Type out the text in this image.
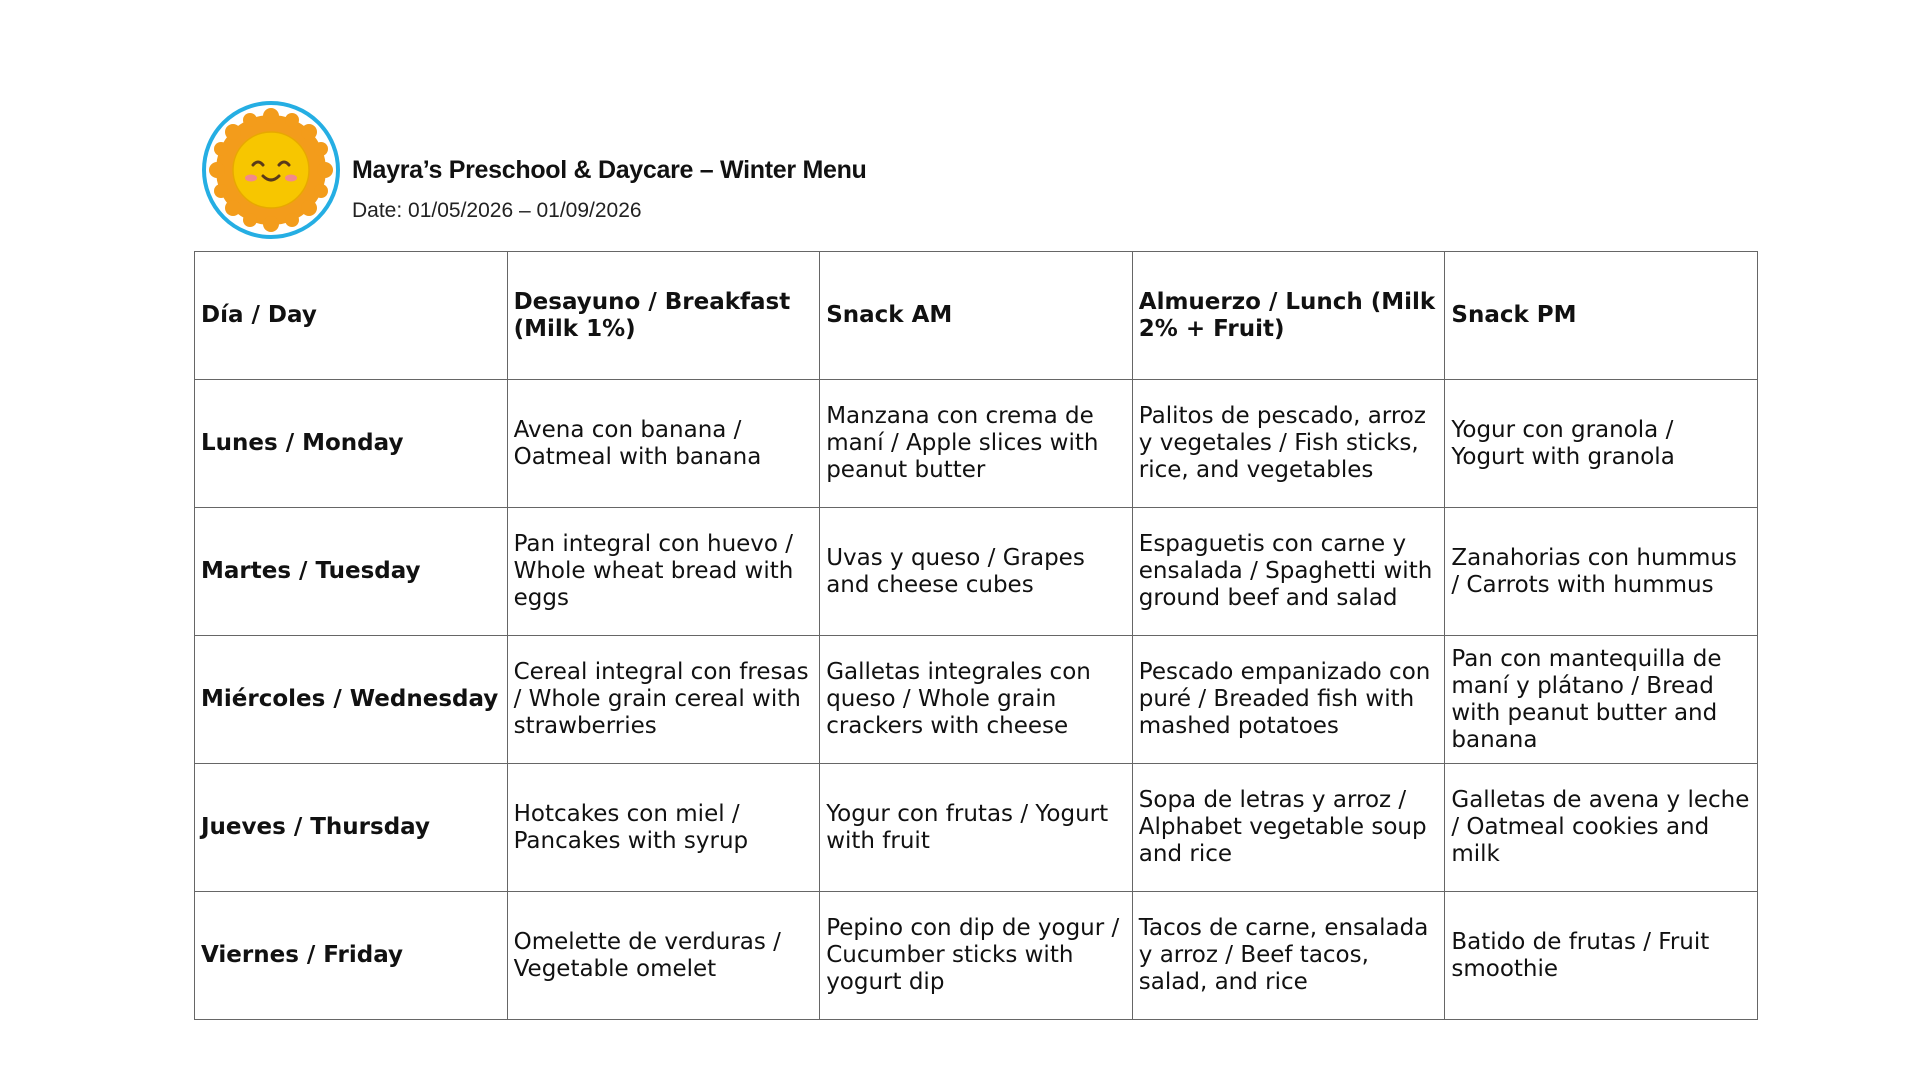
Mayra’s Preschool & Daycare – Winter Menu
Date: 01/05/2026 – 01/09/2026
Día / Day	Desayuno / Breakfast (Milk 1%)	Snack AM	Almuerzo / Lunch (Milk 2% + Fruit)	Snack PM
Lunes / Monday	Avena con banana / Oatmeal with banana	Manzana con crema de maní / Apple slices with peanut butter	Palitos de pescado, arroz y vegetales / Fish sticks, rice, and vegetables	Yogur con granola / Yogurt with granola
Martes / Tuesday	Pan integral con huevo / Whole wheat bread with eggs	Uvas y queso / Grapes and cheese cubes	Espaguetis con carne y ensalada / Spaghetti with ground beef and salad	Zanahorias con hummus / Carrots with hummus
Miércoles / Wednesday	Cereal integral con fresas / Whole grain cereal with strawberries	Galletas integrales con queso / Whole grain crackers with cheese	Pescado empanizado con puré / Breaded fish with mashed potatoes	Pan con mantequilla de maní y plátano / Bread with peanut butter and banana
Jueves / Thursday	Hotcakes con miel / Pancakes with syrup	Yogur con frutas / Yogurt with fruit	Sopa de letras y arroz / Alphabet vegetable soup and rice	Galletas de avena y leche / Oatmeal cookies and milk
Viernes / Friday	Omelette de verduras / Vegetable omelet	Pepino con dip de yogur / Cucumber sticks with yogurt dip	Tacos de carne, ensalada y arroz / Beef tacos, salad, and rice	Batido de frutas / Fruit smoothie
